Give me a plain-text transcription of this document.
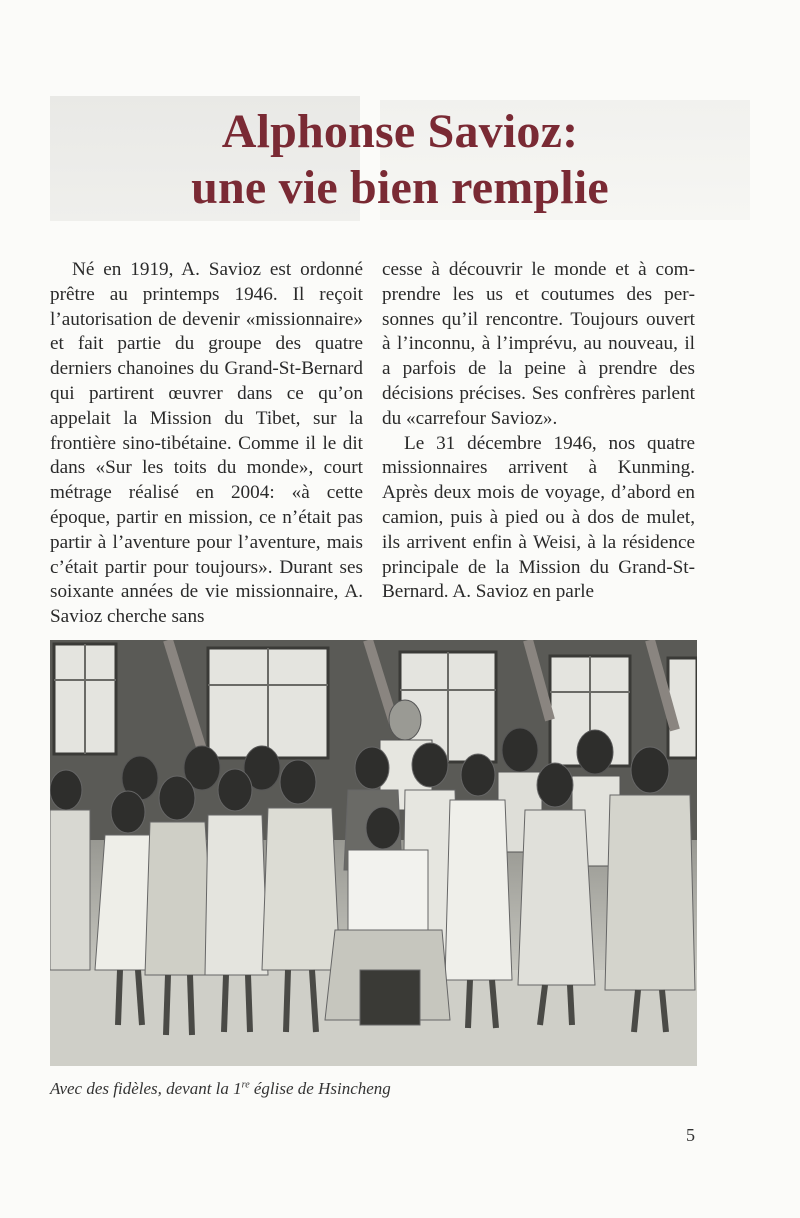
Alphonse Savioz:
une vie bien remplie

Né en 1919, A. Savioz est ordonné prêtre au printemps 1946. Il reçoit l’autorisation de devenir «missionnaire» et fait partie du groupe des quatre derniers chanoines du Grand-St-Bernard qui partirent œuvrer dans ce qu’on appelait la Mission du Tibet, sur la frontière sino-tibétaine. Comme il le dit dans «Sur les toits du monde», court métrage réalisé en 2004: «à cette époque, partir en mission, ce n’était pas partir à l’aventure pour l’aventure, mais c’était partir pour toujours». Durant ses soixante années de vie missionnaire, A. Savioz cherche sans

cesse à découvrir le monde et à comprendre les us et coutumes des personnes qu’il rencontre. Toujours ouvert à l’inconnu, à l’imprévu, au nouveau, il a parfois de la peine à prendre des décisions précises. Ses confrères parlent du «carrefour Savioz».

Le 31 décembre 1946, nos quatre missionnaires arrivent à Kunming. Après deux mois de voyage, d’abord en camion, puis à pied ou à dos de mulet, ils arrivent enfin à Weisi, à la résidence principale de la Mission du Grand-St-Bernard. A. Savioz en parle

Avec des fidèles, devant la 1re église de Hsincheng
5
